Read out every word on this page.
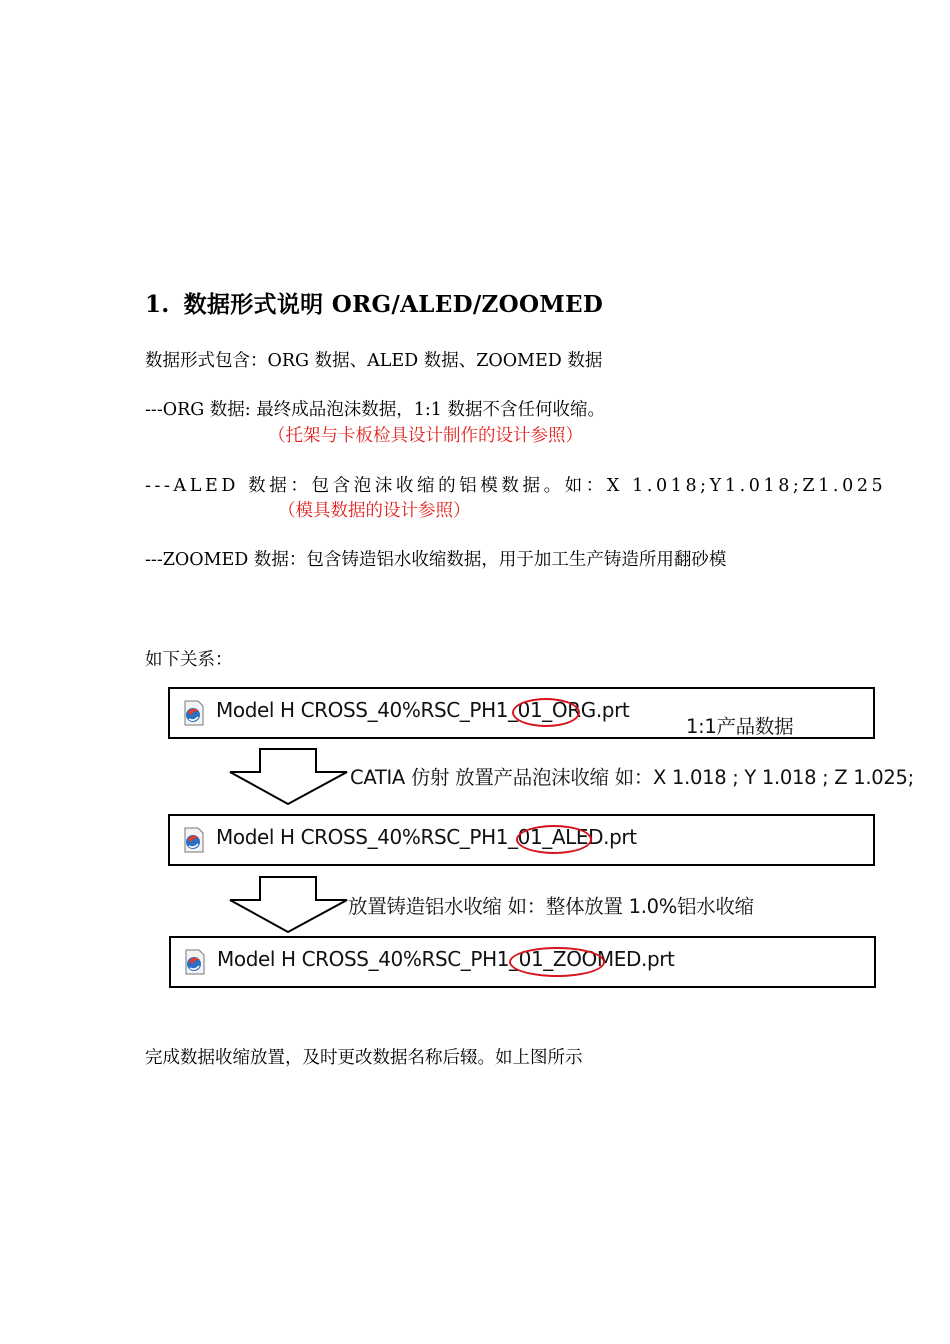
1. 数据形式说明 ORG/ALED/ZOOMED
数据形式包含：ORG 数据、ALED 数据、ZOOMED 数据
---ORG 数据: 最终成品泡沫数据，1:1 数据不含任何收缩。
（托架与卡板检具设计制作的设计参照）
---ALED 数据：包含泡沫收缩的铝模数据。如：X 1.018;Y1.018;Z1.025
（模具数据的设计参照）
---ZOOMED 数据：包含铸造铝水收缩数据，用于加工生产铸造所用翻砂模
如下关系：
Model H CROSS_40%RSC_PH1_01_ORG.prt
1:1产品数据
CATIA 仿射 放置产品泡沫收缩 如：X 1.018 ; Y 1.018 ; Z 1.025;
Model H CROSS_40%RSC_PH1_01_ALED.prt
放置铸造铝水收缩 如：整体放置 1.0%铝水收缩
Model H CROSS_40%RSC_PH1_01_ZOOMED.prt
完成数据收缩放置，及时更改数据名称后辍。如上图所示
